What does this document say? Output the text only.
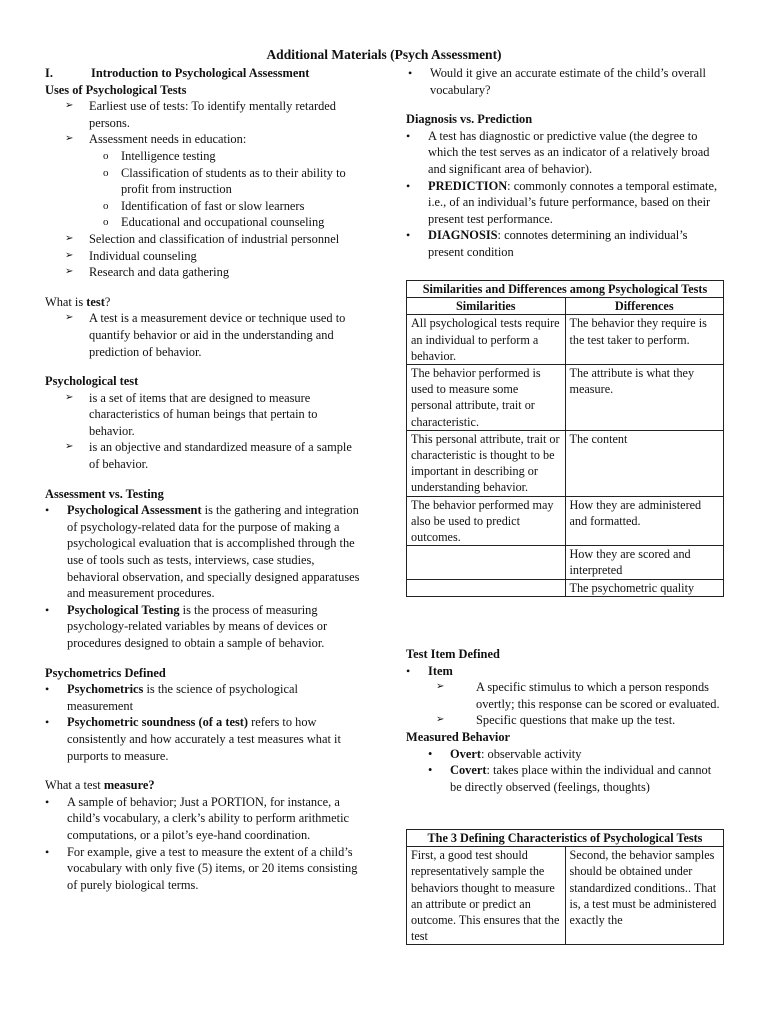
Additional Materials (Psych Assessment)
I.	Introduction to Psychological Assessment
Uses of Psychological Tests
➢	Earliest use of tests: To identify mentally retarded persons.
➢	Assessment needs in education:
o	Intelligence testing
o	Classification of students as to their ability to profit from instruction
o	Identification of fast or slow learners
o	Educational and occupational counseling
➢	Selection and classification of industrial personnel
➢	Individual counseling
➢	Research and data gathering
What is test?
➢	A test is a measurement device or technique used to quantify behavior or aid in the understanding and prediction of behavior.
Psychological test
➢	is a set of items that are designed to measure characteristics of human beings that pertain to behavior.
➢	is an objective and standardized measure of a sample of behavior.
Assessment vs. Testing
•	Psychological Assessment is the gathering and integration of psychology-related data for the purpose of making a psychological evaluation that is accomplished through the use of tools such as tests, interviews, case studies, behavioral observation, and specially designed apparatuses and measurement procedures.
•	Psychological Testing is the process of measuring psychology-related variables by means of devices or procedures designed to obtain a sample of behavior.
Psychometrics Defined
•	Psychometrics is the science of psychological measurement
•	Psychometric soundness (of a test) refers to how consistently and how accurately a test measures what it purports to measure.
What a test measure?
•	A sample of behavior; Just a PORTION, for instance, a child’s vocabulary, a clerk’s ability to perform arithmetic computations, or a pilot’s eye-hand coordination.
•	For example, give a test to measure the extent of a child’s vocabulary with only five (5) items, or 20 items consisting of purely biological terms.
•	Would it give an accurate estimate of the child’s overall vocabulary?
Diagnosis vs. Prediction
•	A test has diagnostic or predictive value (the degree to which the test serves as an indicator of a relatively broad and significant area of behavior).
•	PREDICTION: commonly connotes a temporal estimate, i.e., of an individual’s future performance, based on their present test performance.
•	DIAGNOSIS: connotes determining an individual’s present condition
Similarities and Differences among Psychological Tests	
Similarities	Differences
All psychological tests require an individual to perform a behavior.	The behavior they require is the test taker to perform.
The behavior performed is used to measure some personal attribute, trait or characteristic.	The attribute is what they measure.
This personal attribute, trait or characteristic is thought to be important in describing or understanding behavior.	The content
The behavior performed may also be used to predict outcomes.	How they are administered and formatted.
	How they are scored and interpreted
	The psychometric quality
Test Item Defined
•	Item
➢	A specific stimulus to which a person responds overtly; this response can be scored or evaluated.
➢	Specific questions that make up the test.
Measured Behavior
•	Overt: observable activity
•	Covert: takes place within the individual and cannot be directly observed (feelings, thoughts)
The 3 Defining Characteristics of Psychological Tests
First, a good test should representatively sample the behaviors thought to measure an attribute or predict an outcome. This ensures that the test	Second, the behavior samples should be obtained under standardized conditions.. That is, a test must be administered exactly the
